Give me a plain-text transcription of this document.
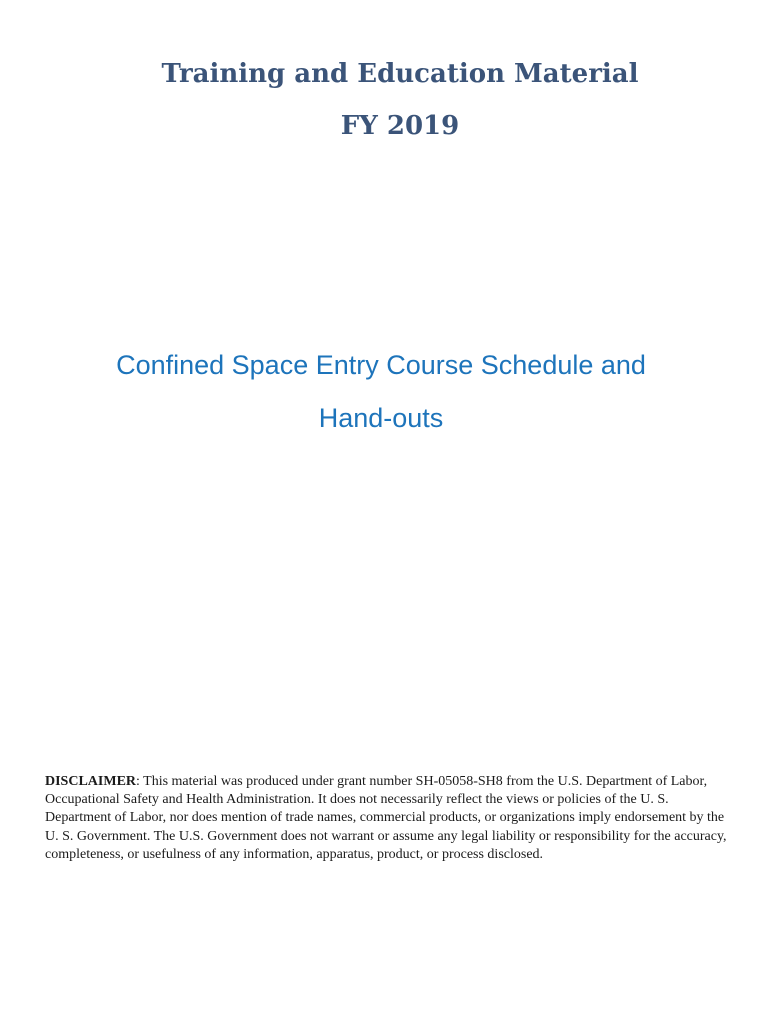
Training and Education Material
FY 2019
Confined Space Entry Course Schedule and
Hand-outs

DISCLAIMER: This material was produced under grant number SH-05058-SH8 from the U.S. Department of Labor, Occupational Safety and Health Administration. It does not necessarily reflect the views or policies of the U. S. Department of Labor, nor does mention of trade names, commercial products, or organizations imply endorsement by the U. S. Government. The U.S. Government does not warrant or assume any legal liability or responsibility for the accuracy, completeness, or usefulness of any information, apparatus, product, or process disclosed.
